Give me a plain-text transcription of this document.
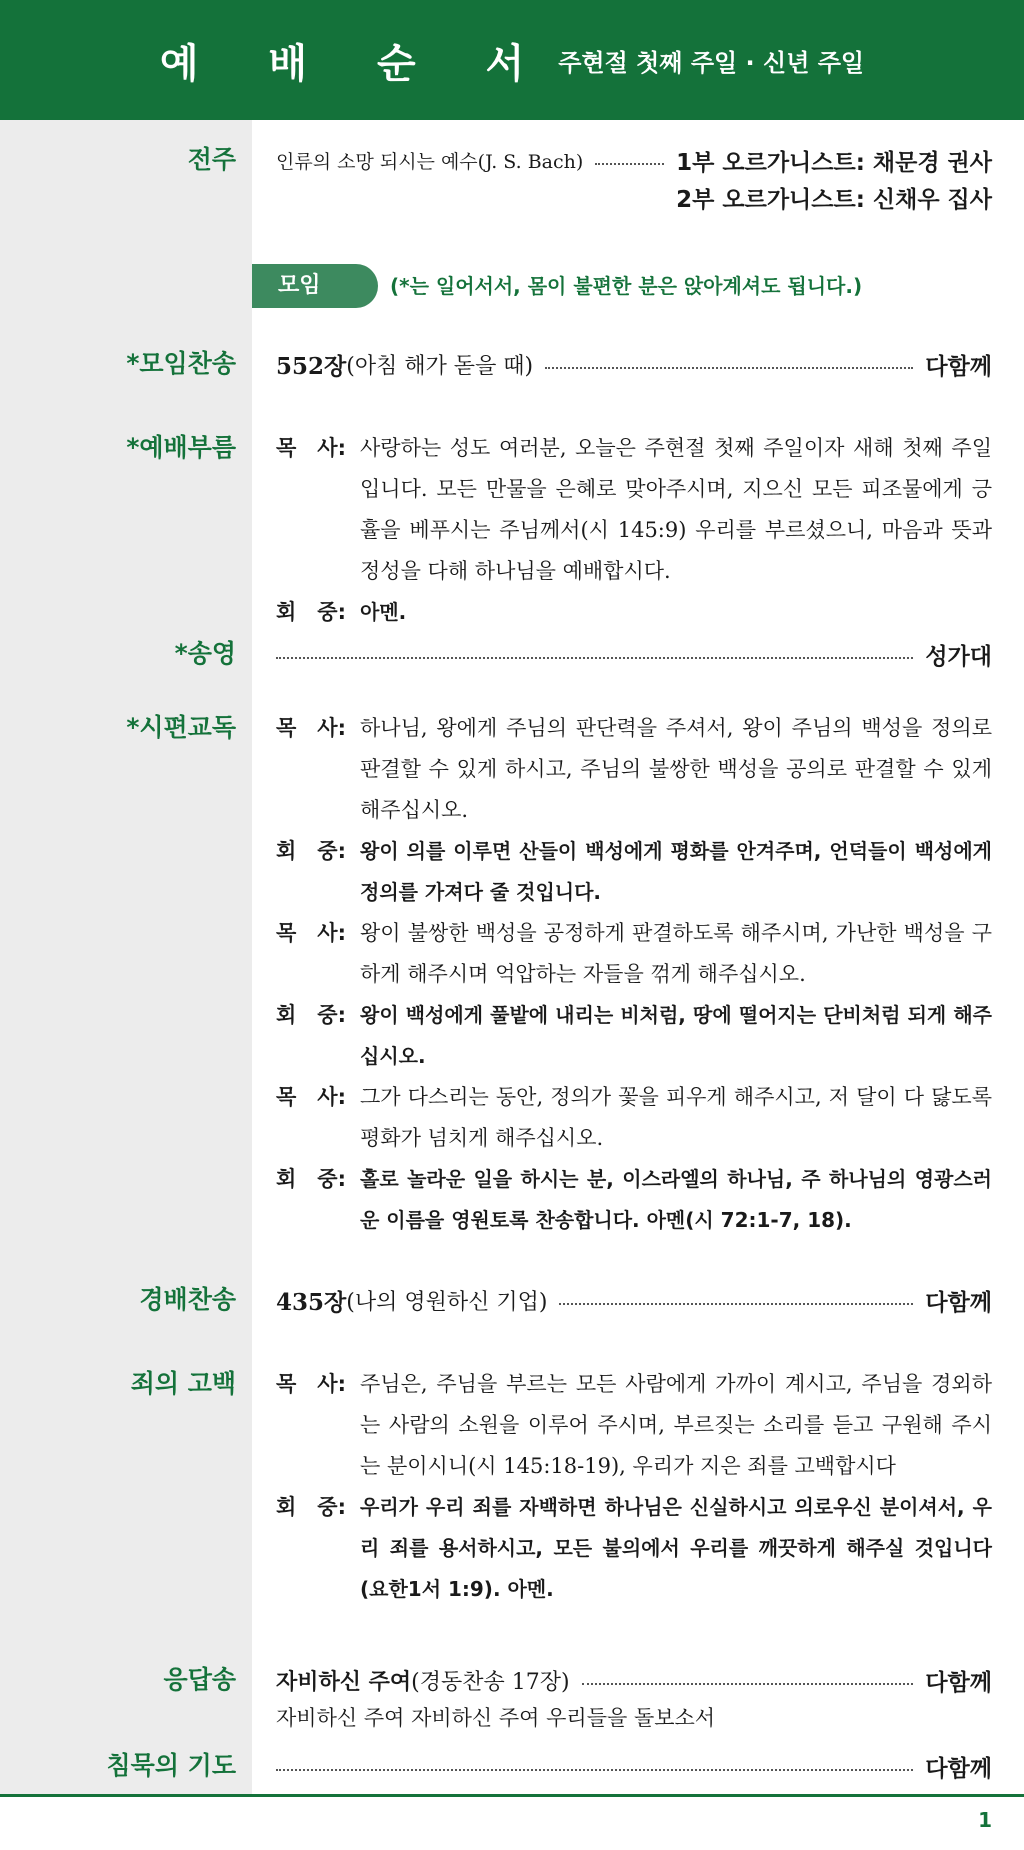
예 배 순 서 주현절 첫째 주일 · 신년 주일
전주 인류의 소망 되시는 예수(J. S. Bach)	1부 오르가니스트: 채문경 권사
2부 오르가니스트: 신채우 집사
모임	(*는 일어서서, 몸이 불편한 분은 앉아계셔도 됩니다.)
*모임찬송 552장 (아침 해가 돋을 때)	다함께
*예배부름 목　사: 사랑하는 성도 여러분, 오늘은 주현절 첫째 주일이자 새해 첫째 주일입니다. 모든 만물을 은혜로 맞아주시며, 지으신 모든 피조물에게 긍휼을 베푸시는 주님께서(시 145:9) 우리를 부르셨으니, 마음과 뜻과 정성을 다해 하나님을 예배합시다.
회　중: 아멘.
*송영	성가대
*시편교독 목　사: 하나님, 왕에게 주님의 판단력을 주셔서, 왕이 주님의 백성을 정의로 판결할 수 있게 하시고, 주님의 불쌍한 백성을 공의로 판결할 수 있게 해주십시오.
회　중: 왕이 의를 이루면 산들이 백성에게 평화를 안겨주며, 언덕들이 백성에게 정의를 가져다 줄 것입니다.
목　사: 왕이 불쌍한 백성을 공정하게 판결하도록 해주시며, 가난한 백성을 구하게 해주시며 억압하는 자들을 꺾게 해주십시오.
회　중: 왕이 백성에게 풀밭에 내리는 비처럼, 땅에 떨어지는 단비처럼 되게 해주십시오.
목　사: 그가 다스리는 동안, 정의가 꽃을 피우게 해주시고, 저 달이 다 닳도록 평화가 넘치게 해주십시오.
회　중: 홀로 놀라운 일을 하시는 분, 이스라엘의 하나님, 주 하나님의 영광스러운 이름을 영원토록 찬송합니다. 아멘(시 72:1-7, 18).
경배찬송 435장 (나의 영원하신 기업)	다함께
죄의 고백 목　사: 주님은, 주님을 부르는 모든 사람에게 가까이 계시고, 주님을 경외하는 사람의 소원을 이루어 주시며, 부르짖는 소리를 듣고 구원해 주시는 분이시니(시 145:18-19), 우리가 지은 죄를 고백합시다
회　중: 우리가 우리 죄를 자백하면 하나님은 신실하시고 의로우신 분이셔서, 우리 죄를 용서하시고, 모든 불의에서 우리를 깨끗하게 해주실 것입니다(요한1서 1:9). 아멘.
응답송 자비하신 주여 (경동찬송 17장)	다함께
자비하신 주여 자비하신 주여 우리들을 돌보소서
침묵의 기도	다함께
1
